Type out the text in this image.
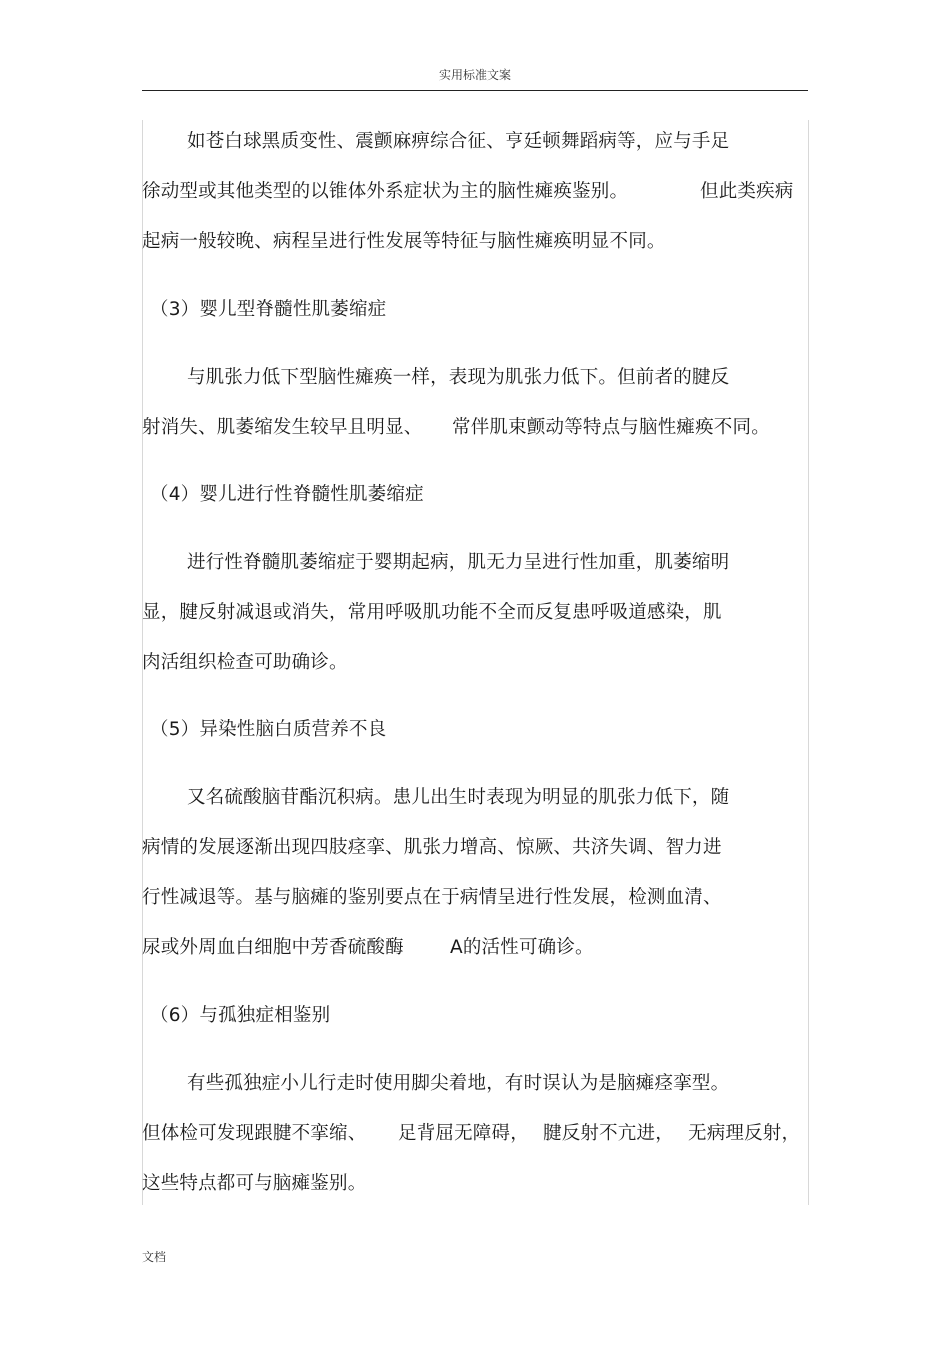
实用标准文案
如苍白球黑质变性、震颤麻痹综合征、亨廷顿舞蹈病等，应与手足
徐动型或其他类型的以锥体外系症状为主的脑性瘫痪鉴别。	但此类疾病
起病一般较晚、病程呈进行性发展等特征与脑性瘫痪明显不同。
（3）婴儿型脊髓性肌萎缩症
与肌张力低下型脑性瘫痪一样，表现为肌张力低下。但前者的腱反
射消失、肌萎缩发生较早且明显、 常伴肌束颤动等特点与脑性瘫痪不同。
（4）婴儿进行性脊髓性肌萎缩症
进行性脊髓肌萎缩症于婴期起病，肌无力呈进行性加重，肌萎缩明
显，腱反射减退或消失，常用呼吸肌功能不全而反复患呼吸道感染，肌
肉活组织检查可助确诊。
（5）异染性脑白质营养不良
又名硫酸脑苷酯沉积病。患儿出生时表现为明显的肌张力低下，随
病情的发展逐渐出现四肢痉挛、肌张力增高、惊厥、共济失调、智力进
行性减退等。基与脑瘫的鉴别要点在于病情呈进行性发展，检测血清、
尿或外周血白细胞中芳香硫酸酶 A的活性可确诊。
（6）与孤独症相鉴别
有些孤独症小儿行走时使用脚尖着地，有时误认为是脑瘫痉挛型。
但体检可发现跟腱不挛缩、 足背屈无障碍， 腱反射不亢进， 无病理反射，
这些特点都可与脑瘫鉴别。
文档
